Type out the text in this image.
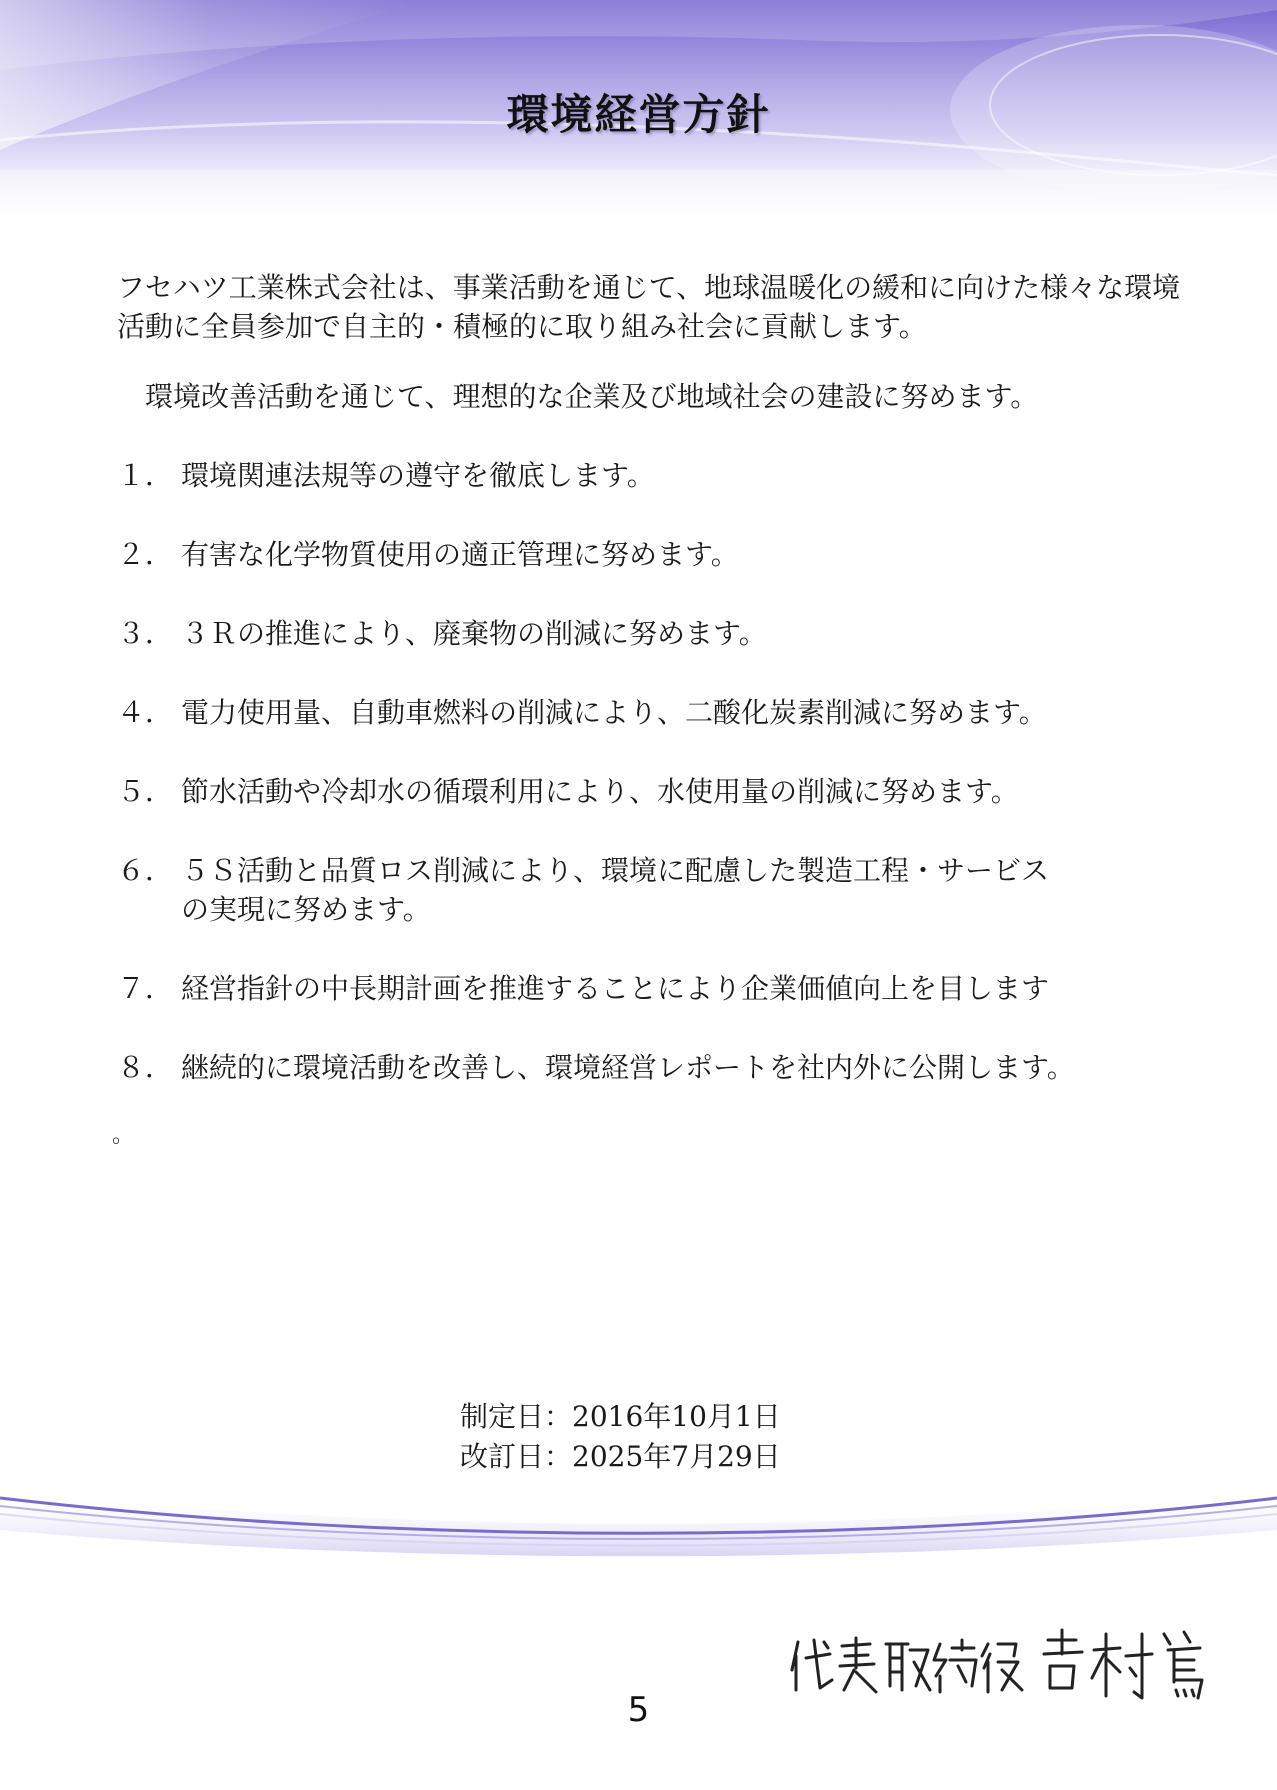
環境経営方針

フセハツ工業株式会社は、事業活動を通じて、地球温暖化の緩和に向けた様々な環境活動に全員参加で自主的・積極的に取り組み社会に貢献します。

環境改善活動を通じて、理想的な企業及び地域社会の建設に努めます。

１． 環境関連法規等の遵守を徹底します。
２． 有害な化学物質使用の適正管理に努めます。
３． ３Ｒの推進により、廃棄物の削減に努めます。
４． 電力使用量、自動車燃料の削減により、二酸化炭素削減に努めます。
５． 節水活動や冷却水の循環利用により、水使用量の削減に努めます。
６． ５Ｓ活動と品質ロス削減により、環境に配慮した製造工程・サービスの実現に努めます。
７． 経営指針の中長期計画を推進することにより企業価値向上を目します
８． 継続的に環境活動を改善し、環境経営レポートを社内外に公開します。
。
制定日：2016年10月1日
改訂日：2025年7月29日
5
